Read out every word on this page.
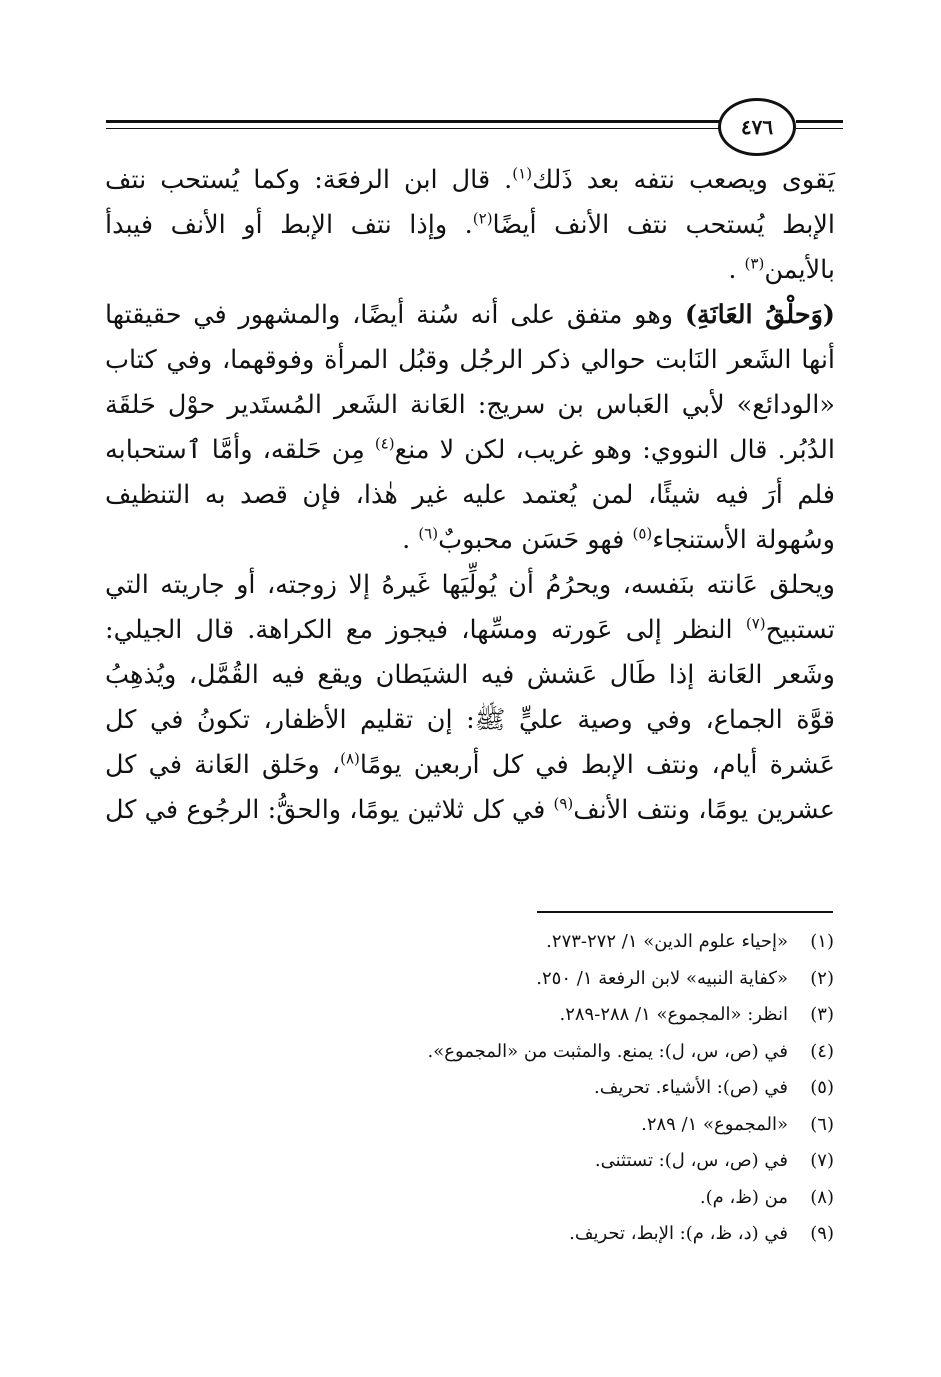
٤٧٦

يَقوى ويصعب نتفه بعد ذَلك$^{(١)}$. قال ابن الرفعَة: وكما يُستحب نتف الإبط يُستحب نتف الأنف أيضًا$^{(٢)}$. وإذا نتف الإبط أو الأنف فيبدأ بالأيمن$^{(٣)}$ .

(وَحلْقُ العَانَةِ) وهو متفق على أنه سُنة أيضًا، والمشهور في حقيقتها أنها الشَعر النَابت حوالي ذكر الرجُل وقبُل المرأة وفوقهما، وفي كتاب «الودائع» لأبي العَباس بن سريج: العَانة الشَعر المُستَدير حوْل حَلقَة الدُبُر. قال النووي: وهو غريب، لكن لا منع$^{(٤)}$ مِن حَلقه، وأمَّا ٱستحبابه فلم أرَ فيه شيئًا، لمن يُعتمد عليه غير هٰذا، فإن قصد به التنظيف وسُهولة الأستنجاء$^{(٥)}$ فهو حَسَن محبوبٌ$^{(٦)}$ .

ويحلق عَانته بنَفسه، ويحرُمُ أن يُولِّيَها غَيرهُ إلا زوجته، أو جاريته التي تستبيح$^{(٧)}$ النظر إلى عَورته ومسِّها، فيجوز مع الكراهة. قال الجيلي: وشَعر العَانة إذا طَال عَشش فيه الشيَطان ويقع فيه القُمَّل، ويُذهِبُ قوَّة الجماع، وفي وصية عليٍّ ﷺ: إن تقليم الأظفار، تكونُ في كل عَشرة أيام، ونتف الإبط في كل أربعين يومًا$^{(٨)}$، وحَلق العَانة في كل عشرين يومًا، ونتف الأنف$^{(٩)}$ في كل ثلاثين يومًا، والحقُّ: الرجُوع في كل

(١)«إحياء علوم الدين» ١/ ٢٧٢-٢٧٣.
(٢)«كفاية النبيه» لابن الرفعة ١/ ٢٥٠.
(٣)انظر: «المجموع» ١/ ٢٨٨-٢٨٩.
(٤)في (ص، س، ل): يمنع. والمثبت من «المجموع».
(٥)في (ص): الأشياء. تحريف.
(٦)«المجموع» ١/ ٢٨٩.
(٧)في (ص، س، ل): تستثنى.
(٨)من (ظ، م).
(٩)في (د، ظ، م): الإبط، تحريف.
